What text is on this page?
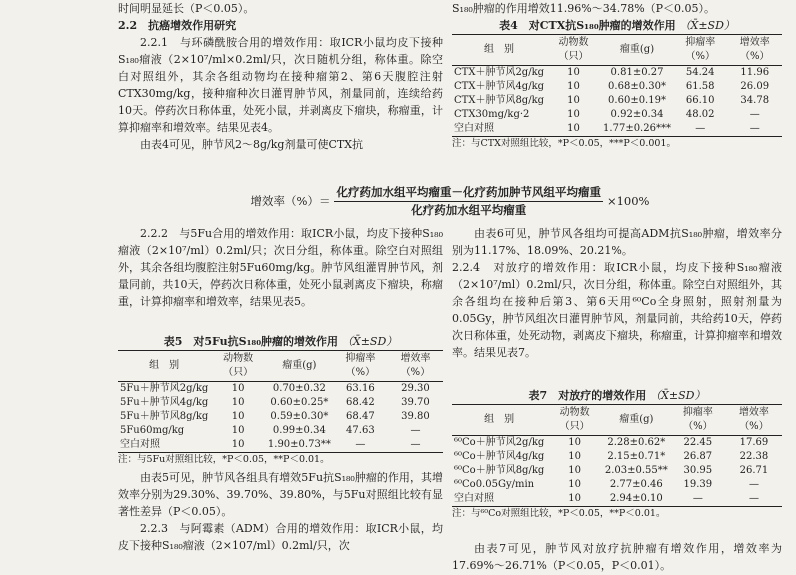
时间明显延长（P＜0.05）。

2.2　抗癌增效作用研究

2.2.1　与环磷酰胺合用的增效作用：取ICR小鼠均皮下接种S₁₈₀瘤液（2×10⁷/ml×0.2ml/只，次日随机分组，称体重。除空白对照组外，其余各组动物均在接种瘤第2、第6天腹腔注射CTX30mg/kg，接种瘤种次日灌胃肿节风，剂量同前，连续给药10天。停药次日称体重，处死小鼠，并剥离皮下瘤块，称瘤重，计算抑瘤率和增效率。结果见表4。

由表4可见，肿节风2～8g/kg剂量可使CTX抗

增效率（%）＝ $\frac{\text{化疗药加水组平均瘤重－化疗药加肿节风组平均瘤重}}{\text{化疗药加水组平均瘤重}} \times 100\%$

2.2.2　与5Fu合用的增效作用：取ICR小鼠，均皮下接种S₁₈₀瘤液（2×10⁷/ml）0.2ml/只；次日分组，称体重。除空白对照组外，其余各组均腹腔注射5Fu60mg/kg。肿节风组灌胃肿节风，剂量同前，共10天，停药次日称体重，处死小鼠剥离皮下瘤块，称瘤重，计算抑瘤率和增效率，结果见表5。

表5　对5Fu抗S₁₈₀肿瘤的增效作用 （X̄±SD）

组　别	动物数（只）	瘤重(g)	抑瘤率（%）	增效率（%）
5Fu＋肿节风2g/kg	10	0.70±0.32	63.16	29.30
5Fu＋肿节风4g/kg	10	0.60±0.25*	68.42	39.70
5Fu＋肿节风8g/kg	10	0.59±0.30*	68.47	39.80
5Fu60mg/kg	10	0.99±0.34	47.63	—
空白对照	10	1.90±0.73**	—	—

注：与5Fu对照组比较，*P＜0.05，**P＜0.01。

由表5可见，肿节风各组具有增效5Fu抗S₁₈₀肿瘤的作用，其增效率分别为29.30%、39.70%、39.80%，与5Fu对照组比较有显著性差异（P＜0.05）。

2.2.3　与阿霉素（ADM）合用的增效作用：取ICR小鼠，均皮下接种S₁₈₀瘤液（2×107/ml）0.2ml/只，次

S₁₈₀肿瘤的作用增效11.96%～34.78%（P＜0.05）。

表4　对CTX抗S₁₈₀肿瘤的增效作用 （X̄±SD）

组　别	动物数（只）	瘤重(g)	抑瘤率（%）	增效率（%）
CTX＋肿节风2g/kg	10	0.81±0.27	54.24	11.96
CTX＋肿节风4g/kg	10	0.68±0.30*	61.58	26.09
CTX＋肿节风8g/kg	10	0.60±0.19*	66.10	34.78
CTX30mg/kg·2	10	0.92±0.34	48.02	—
空白对照	10	1.77±0.26***	—	—

注：与CTX对照组比较，*P＜0.05，***P＜0.001。

由表6可见，肿节风各组均可提高ADM抗S₁₈₀肿瘤，增效率分别为11.17%、18.09%、20.21%。

2.2.4　对放疗的增效作用：取ICR小鼠，均皮下接种S₁₈₀瘤液（2×10⁷/ml）0.2ml/只，次日分组，称体重。除空白对照组外，其余各组均在接种后第3、第6天用⁶⁰Co全身照射，照射剂量为0.05Gy，肿节风组次日灌胃肿节风，剂量同前，共给药10天，停药次日称体重，处死动物，剥离皮下瘤块，称瘤重，计算抑瘤率和增效率。结果见表7。

表7　对放疗的增效作用 （X̄±SD）

组　别	动物数（只）	瘤重(g)	抑瘤率（%）	增效率（%）
⁶⁰Co＋肿节风2g/kg	10	2.28±0.62*	22.45	17.69
⁶⁰Co＋肿节风4g/kg	10	2.15±0.71*	26.87	22.38
⁶⁰Co＋肿节风8g/kg	10	2.03±0.55**	30.95	26.71
⁶⁰Co0.05Gy/min	10	2.77±0.46	19.39	—
空白对照	10	2.94±0.10	—	—

注：与⁶⁰Co对照组比较，*P＜0.05，**P＜0.01。

由表7可见，肿节风对放疗抗肿瘤有增效作用，增效率为17.69%～26.71%（P＜0.05，P＜0.01）。
